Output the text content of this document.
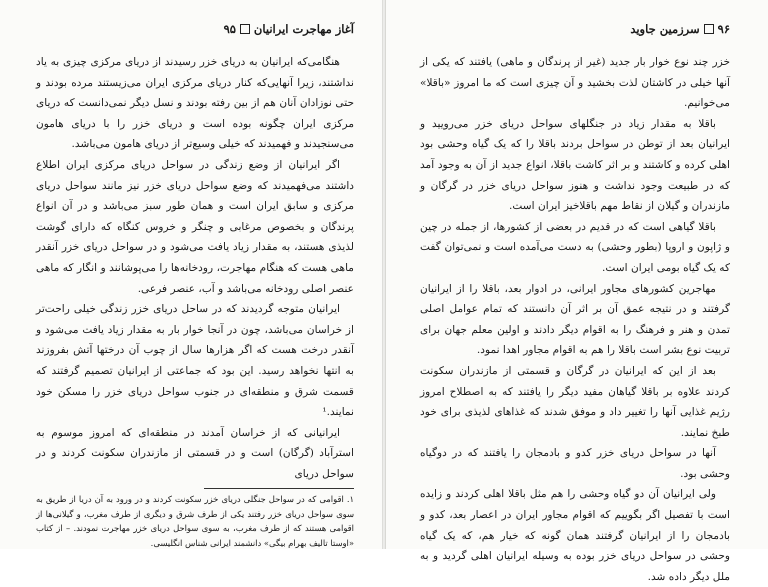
آغاز مهاجرت ایرانیان
۹۵

هنگامی‌که ایرانیان به دریای خزر رسیدند از دریای مرکزی چیزی به یاد نداشتند، زیرا آنهایی‌که کنار دریای مرکزی ایران می‌زیستند مرده بودند و حتی نوزادان آنان هم از بین رفته بودند و نسل دیگر نمی‌دانست که دریای مرکزی ایران چگونه بوده است و دریای خزر را با دریای هامون می‌سنجیدند و فهمیدند که خیلی وسیع‌تر از دریای هامون می‌باشد.

اگر ایرانیان از وضع زندگی در سواحل دریای مرکزی ایران اطلاع داشتند می‌فهمیدند که وضع سواحل دریای خزر نیز مانند سواحل دریای مرکزی و سابق ایران است و همان طور سبز می‌باشد و در آن انواع پرندگان و بخصوص مرغابی و چنگر و خروس کنگاه که دارای گوشت لذیذی هستند، به مقدار زیاد یافت می‌شود و در سواحل دریای خزر آنقدر ماهی هست که هنگام مهاجرت، رودخانه‌ها را می‌پوشانند و انگار که ماهی عنصر اصلی رودخانه می‌باشد و آب، عنصر فرعی.

ایرانیان متوجه گردیدند که در ساحل دریای خزر زندگی خیلی راحت‌تر از خراسان می‌باشد، چون در آنجا خوار بار به مقدار زیاد یافت می‌شود و آنقدر درخت هست که اگر هزارها سال از چوب آن درختها آتش بفروزند به انتها نخواهد رسید. این بود که جماعتی از ایرانیان تصمیم گرفتند که قسمت شرق و منطقه‌ای در جنوب سواحل دریای خزر را مسکن خود نمایند.¹

ایرانیانی که از خراسان آمدند در منطقه‌ای که امروز موسوم به استرآباد (گرگان) است و در قسمتی از مازندران سکونت کردند و در سواحل دریای

۱. اقوامی که در سواحل جنگلی دریای خزر سکونت کردند و در ورود به آن دریا از طریق به سوی سواحل دریای خزر رفتند یکی از طرف شرق و دیگری از طرف مغرب، و گیلانی‌ها از اقوامی هستند که از طرف مغرب، به سوی سواحل دریای خزر مهاجرت نمودند. – از کتاب «اوستا تالیف بهرام بیگی» دانشمند ایرانی شناس انگلیسی.
۹۶
سرزمین جاوید

خزر چند نوع خوار بار جدید (غیر از پرندگان و ماهی) یافتند که یکی از آنها خیلی در کاشتان لذت بخشید و آن چیزی است که ما امروز «باقلا» می‌خوانیم.

باقلا به مقدار زیاد در جنگلهای سواحل دریای خزر می‌رویید و ایرانیان بعد از توطن در سواحل بردند باقلا را که یک گیاه وحشی بود اهلی کرده و کاشتند و بر اثر کاشت باقلا، انواع جدید از آن به وجود آمد که در طبیعت وجود نداشت و هنوز سواحل دریای خزر در گرگان و مازندران و گیلان از نقاط مهم باقلاخیز ایران است.

باقلا گیاهی است که در قدیم در بعضی از کشورها، از جمله در چین و ژاپون و اروپا (بطور وحشی) به دست می‌آمده است و نمی‌توان گفت که یک گیاه بومی ایران است.

مهاجرین کشورهای مجاور ایرانی، در ادوار بعد، باقلا را از ایرانیان گرفتند و در نتیجه عمق آن بر اثر آن دانستند که تمام عوامل اصلی تمدن و هنر و فرهنگ را به اقوام دیگر دادند و اولین معلم جهان برای تربیت نوع بشر است باقلا را هم به اقوام مجاور اهدا نمود.

بعد از این که ایرانیان در گرگان و قسمتی از مازندران سکونت کردند علاوه بر باقلا گیاهان مفید دیگر را یافتند که به اصطلاح امروز رژیم غذایی آنها را تغییر داد و موفق شدند که غذاهای لذیذی برای خود طبخ نمایند.

آنها در سواحل دریای خزر کدو و بادمجان را یافتند که در دوگیاه وحشی بود.

ولی ایرانیان آن دو گیاه وحشی را هم مثل باقلا اهلی کردند و زایده است با تفصیل اگر بگوییم که اقوام مجاور ایران در اعصار بعد، کدو و بادمجان را از ایرانیان گرفتند همان گونه که خیار هم، که یک گیاه وحشی در سواحل دریای خزر بوده به وسیله ایرانیان اهلی گردید و به ملل دیگر داده شد.
